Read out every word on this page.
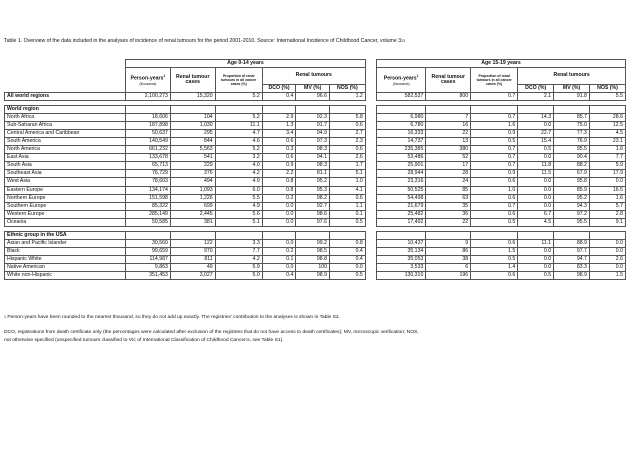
Table 1. Overview of the data included in the analyses of incidence of renal tumours for the period 2001-2010. Source: International Incidence of Childhood Cancer, volume $3^{23}$
	Age 0-14 years							Age 15-19 years					
	Person-years$^1$
(thousands)	Renal tumour cases	Proportion of renal tumours in all cancer cases (%)	Renal tumours				Person-years$^1$
(thousands)	Renal tumour cases	Proportion of renal tumours in all cancer cases (%)	Renal tumours		
				DCO (%)	MV (%)	NOS (%)					DCO (%)	MV (%)	NOS (%)
All world regions	2,100,273	15,320	5.2	0.4	96.6	1.2		582,537	800	0.7	2.1	91.8	5.5

World region													
North Africa	18,606	104	5.2	2.9	92.3	5.8		6,980	7	0.7	14.3	85.7	28.6
Sub-Saharan Africa	187,898	1,030	11.1	1.3	91.7	0.6		6,780	16	1.6	0.0	75.0	12.5
Central America and Caribbean	50,637	295	4.7	3.4	94.9	2.7		16,333	22	0.9	22.7	77.3	4.5
South America	140,549	844	4.6	0.6	97.3	2.3		14,737	13	0.5	15.4	76.9	23.1
North America	661,232	5,563	5.2	0.3	98.3	0.6		235,385	380	0.7	0.5	95.5	1.6
East Asia	133,678	541	3.2	0.6	94.1	2.6		53,486	52	0.7	0.0	90.4	7.7
South Asia	65,713	229	4.0	0.9	98.3	1.7		25,901	17	0.7	11.8	88.2	5.9
Southeast Asia	76,729	376	4.2	2.2	81.1	5.1		28,944	28	0.9	11.5	67.9	17.9
West Asia	78,603	494	4.9	0.8	95.2	1.0		23,316	24	0.6	0.0	95.8	0.0
Eastern Europe	134,174	1,093	6.0	0.8	95.3	4.1		50,525	85	1.0	0.0	85.9	16.5
Northern Europe	151,598	1,226	5.5	0.2	98.2	0.6		54,498	63	0.6	0.0	95.2	1.6
Southern Europe	85,322	699	4.9	0.0	92.7	1.1		21,679	35	0.7	0.0	94.3	5.7
Western Europe	285,149	2,445	5.6	0.0	98.6	0.1		25,482	36	0.6	6.7	97.2	2.8
Oceania	50,585	381	5.1	0.0	97.6	0.5		17,492	22	0.5	4.5	95.5	9.1

Ethnic group in the USA													
Asian and Pacific Islander	30,560	122	3.3	0.0	99.2	0.8		10,437	9	0.6	11.1	88.9	0.0
Black	99,659	970	7.7	0.2	98.5	0.4		35,134	86	1.5	0.0	97.7	0.0
Hispanic White	114,987	811	4.2	0.1	98.8	0.4		35,053	38	0.5	0.0	94.7	2.6
Native American	9,863	49	5.9	0.0	100	0.0		3,533	6	1.4	0.0	83.3	0.0
White non-Hispanic	351,453	3,027	5.0	0.4	98.9	0.5		130,310	196	0.6	0.5	98.9	1.5
$^1$ Person-years have been rounded to the nearest thousand, so they do not add up exactly. The registries' contribution to the analyses is shown in Table S2.
DCO, registrations from death certificate only (the percentages were calculated after exclusion of the registries that do not have access to death certificates); MV, microscopic verification; NOS,
not otherwise specified (unspecified tumours classified to VIc of International Classification of Childhood Cancer$^{25}$, see Table S1).
